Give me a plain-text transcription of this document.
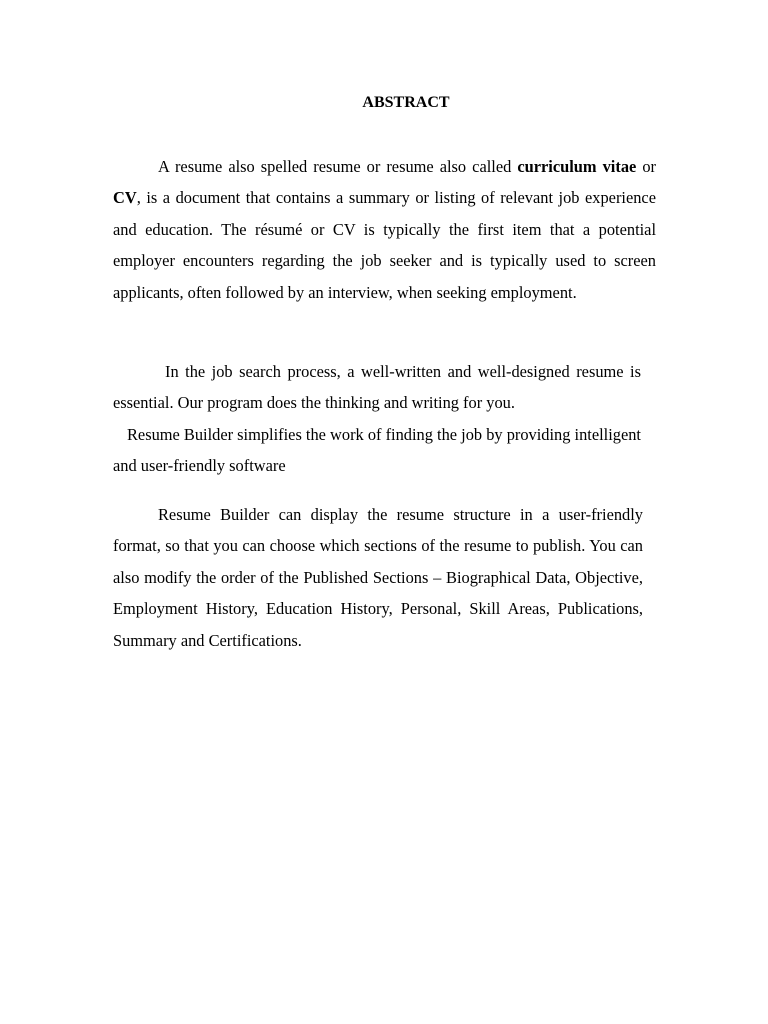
ABSTRACT

A resume also spelled resume or resume also called curriculum vitae or CV, is a document that contains a summary or listing of relevant job experience and education. The résumé or CV is typically the first item that a potential employer encounters regarding the job seeker and is typically used to screen applicants, often followed by an interview, when seeking employment.

In the job search process, a well-written and well-designed resume is essential. Our program does the thinking and writing for you.
Resume Builder simplifies the work of finding the job by providing intelligent and user-friendly software

Resume Builder can display the resume structure in a user-friendly format, so that you can choose which sections of the resume to publish. You can also modify the order of the Published Sections – Biographical Data, Objective, Employment History, Education History, Personal, Skill Areas, Publications, Summary and Certifications.
